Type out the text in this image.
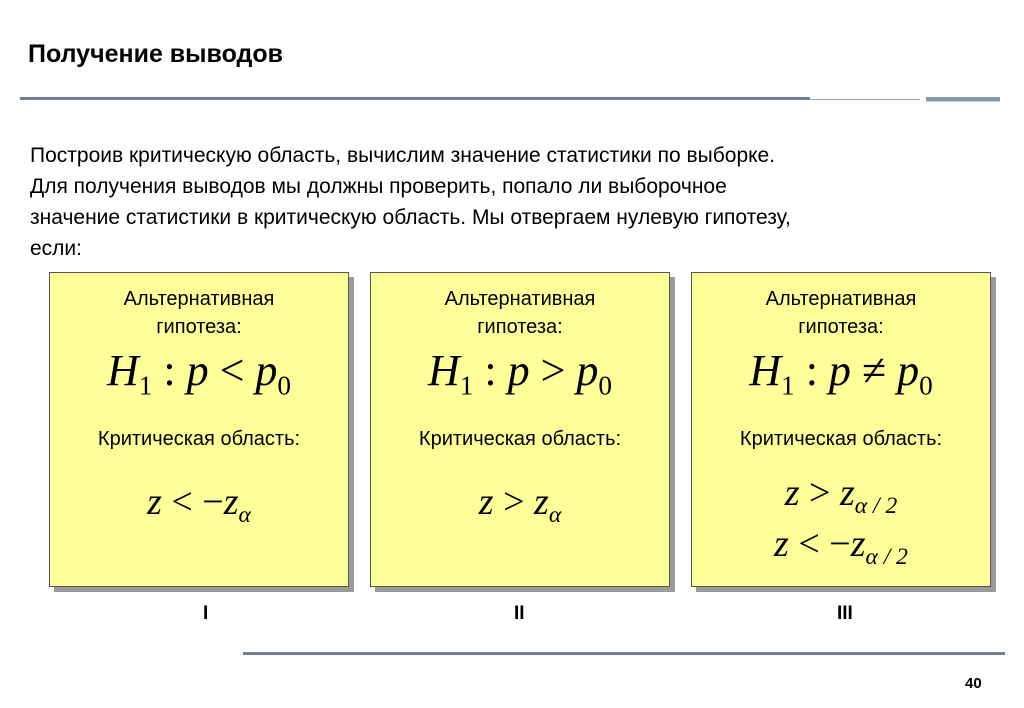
Получение выводов

Построив критическую область, вычислим значение статистики по выборке.

Для получения выводов мы должны проверить, попало ли выборочное

значение статистики в критическую область. Мы отвергаем нулевую гипотезу,

если:

Альтернативная
гипотеза:
$H_1$ : $p < p_0$
Критическая область:
$z < -z_\alpha$
Альтернативная
гипотеза:
$H_1$ : $p > p_0$
Критическая область:
$z > z_\alpha$
Альтернативная
гипотеза:
$H_1$ : $p \ne p_0$
Критическая область:
$z > z_{\alpha / 2}$
$z < -z_{\alpha / 2}$
I	II	III
40
